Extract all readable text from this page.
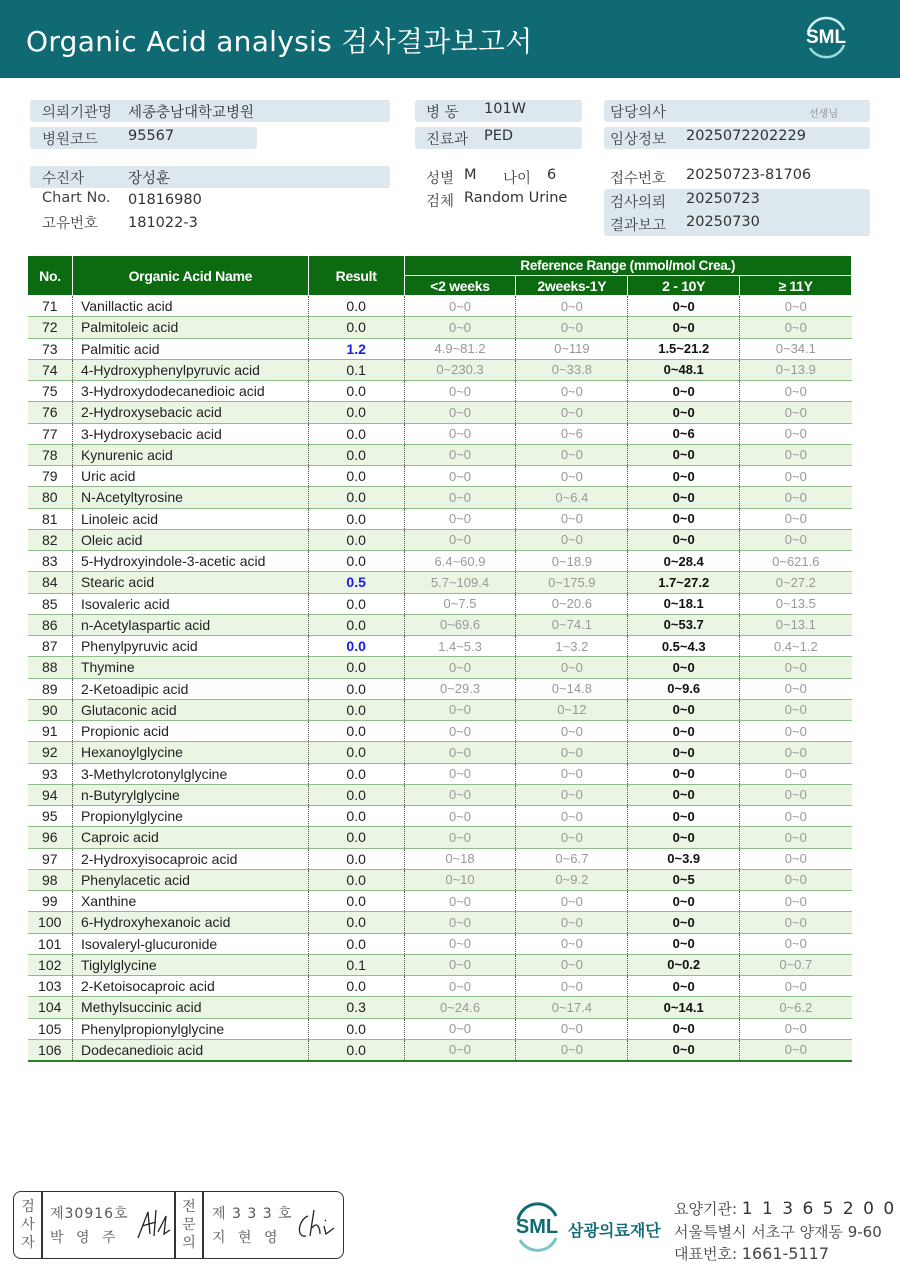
Organic Acid analysis 검사결과보고서	SML
의뢰기관명 세종충남대학교병원
병원코드 95567
병 동 101W
진료과 PED
담당의사	선생님
임상정보 2025072202229
수진자	장성훈
Chart No. 01816980
고유번호 181022-3
성별 M 나이 6
검체 Random Urine
접수번호 20250723-81706
검사의뢰 20250723
결과보고 20250730
No.	Organic Acid Name	Result	Reference Range (mmol/mol Crea.)			
			<2 weeks	2weeks-1Y	2 - 10Y	≥ 11Y
71	Vanillactic acid	0.0	0~0	0~0	0~0	0~0
72	Palmitoleic acid	0.0	0~0	0~0	0~0	0~0
73	Palmitic acid	1.2	4.9~81.2	0~119	1.5~21.2	0~34.1
74	4-Hydroxyphenylpyruvic acid	0.1	0~230.3	0~33.8	0~48.1	0~13.9
75	3-Hydroxydodecanedioic acid	0.0	0~0	0~0	0~0	0~0
76	2-Hydroxysebacic acid	0.0	0~0	0~0	0~0	0~0
77	3-Hydroxysebacic acid	0.0	0~0	0~6	0~6	0~0
78	Kynurenic acid	0.0	0~0	0~0	0~0	0~0
79	Uric acid	0.0	0~0	0~0	0~0	0~0
80	N-Acetyltyrosine	0.0	0~0	0~6.4	0~0	0~0
81	Linoleic acid	0.0	0~0	0~0	0~0	0~0
82	Oleic acid	0.0	0~0	0~0	0~0	0~0
83	5-Hydroxyindole-3-acetic acid	0.0	6.4~60.9	0~18.9	0~28.4	0~621.6
84	Stearic acid	0.5	5.7~109.4	0~175.9	1.7~27.2	0~27.2
85	Isovaleric acid	0.0	0~7.5	0~20.6	0~18.1	0~13.5
86	n-Acetylaspartic acid	0.0	0~69.6	0~74.1	0~53.7	0~13.1
87	Phenylpyruvic acid	0.0	1.4~5.3	1~3.2	0.5~4.3	0.4~1.2
88	Thymine	0.0	0~0	0~0	0~0	0~0
89	2-Ketoadipic acid	0.0	0~29.3	0~14.8	0~9.6	0~0
90	Glutaconic acid	0.0	0~0	0~12	0~0	0~0
91	Propionic acid	0.0	0~0	0~0	0~0	0~0
92	Hexanoylglycine	0.0	0~0	0~0	0~0	0~0
93	3-Methylcrotonylglycine	0.0	0~0	0~0	0~0	0~0
94	n-Butyrylglycine	0.0	0~0	0~0	0~0	0~0
95	Propionylglycine	0.0	0~0	0~0	0~0	0~0
96	Caproic acid	0.0	0~0	0~0	0~0	0~0
97	2-Hydroxyisocaproic acid	0.0	0~18	0~6.7	0~3.9	0~0
98	Phenylacetic acid	0.0	0~10	0~9.2	0~5	0~0
99	Xanthine	0.0	0~0	0~0	0~0	0~0
100	6-Hydroxyhexanoic acid	0.0	0~0	0~0	0~0	0~0
101	Isovaleryl-glucuronide	0.0	0~0	0~0	0~0	0~0
102	Tiglylglycine	0.1	0~0	0~0	0~0.2	0~0.7
103	2-Ketoisocaproic acid	0.0	0~0	0~0	0~0	0~0
104	Methylsuccinic acid	0.3	0~24.6	0~17.4	0~14.1	0~6.2
105	Phenylpropionylglycine	0.0	0~0	0~0	0~0	0~0
106	Dodecanedioic acid	0.0	0~0	0~0	0~0	0~0
검사자
제30916호
박 영 주
전문의
제 3 3 3 호
지 현 영	SML 삼광의료재단
요양기관: 1 1 3 6 5 2 0 0
서울특별시 서초구 양재동 9-60
대표번호: 1661-5117
